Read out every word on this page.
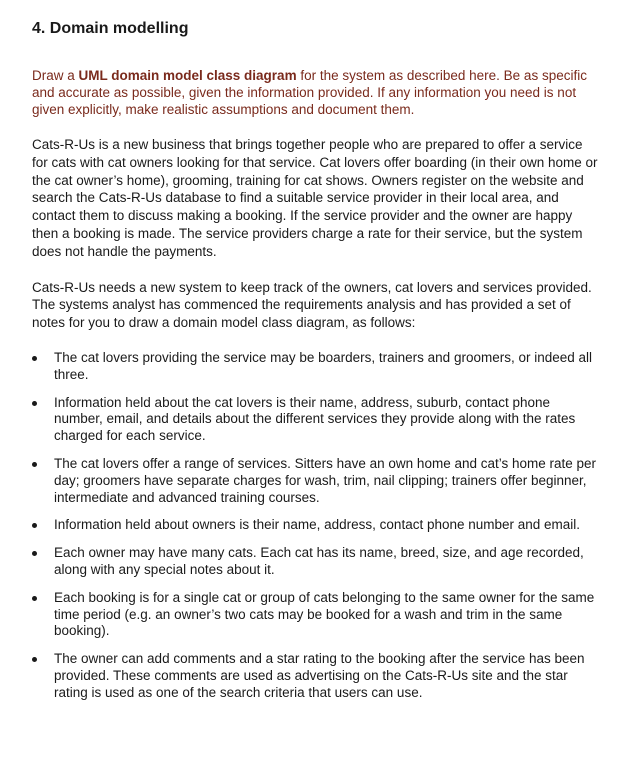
4. Domain modelling

Draw a UML domain model class diagram for the system as described here. Be as specific and accurate as possible, given the information provided. If any information you need is not given explicitly, make realistic assumptions and document them.

Cats-R-Us is a new business that brings together people who are prepared to offer a service for cats with cat owners looking for that service. Cat lovers offer boarding (in their own home or the cat owner’s home), grooming, training for cat shows. Owners register on the website and search the Cats-R-Us database to find a suitable service provider in their local area, and contact them to discuss making a booking. If the service provider and the owner are happy then a booking is made. The service providers charge a rate for their service, but the system does not handle the payments.

Cats-R-Us needs a new system to keep track of the owners, cat lovers and services provided. The systems analyst has commenced the requirements analysis and has provided a set of notes for you to draw a domain model class diagram, as follows:

The cat lovers providing the service may be boarders, trainers and groomers, or indeed all three.
Information held about the cat lovers is their name, address, suburb, contact phone number, email, and details about the different services they provide along with the rates charged for each service.
The cat lovers offer a range of services. Sitters have an own home and cat’s home rate per day; groomers have separate charges for wash, trim, nail clipping; trainers offer beginner, intermediate and advanced training courses.
Information held about owners is their name, address, contact phone number and email.
Each owner may have many cats. Each cat has its name, breed, size, and age recorded, along with any special notes about it.
Each booking is for a single cat or group of cats belonging to the same owner for the same time period (e.g. an owner’s two cats may be booked for a wash and trim in the same booking).
The owner can add comments and a star rating to the booking after the service has been provided. These comments are used as advertising on the Cats-R-Us site and the star rating is used as one of the search criteria that users can use.
